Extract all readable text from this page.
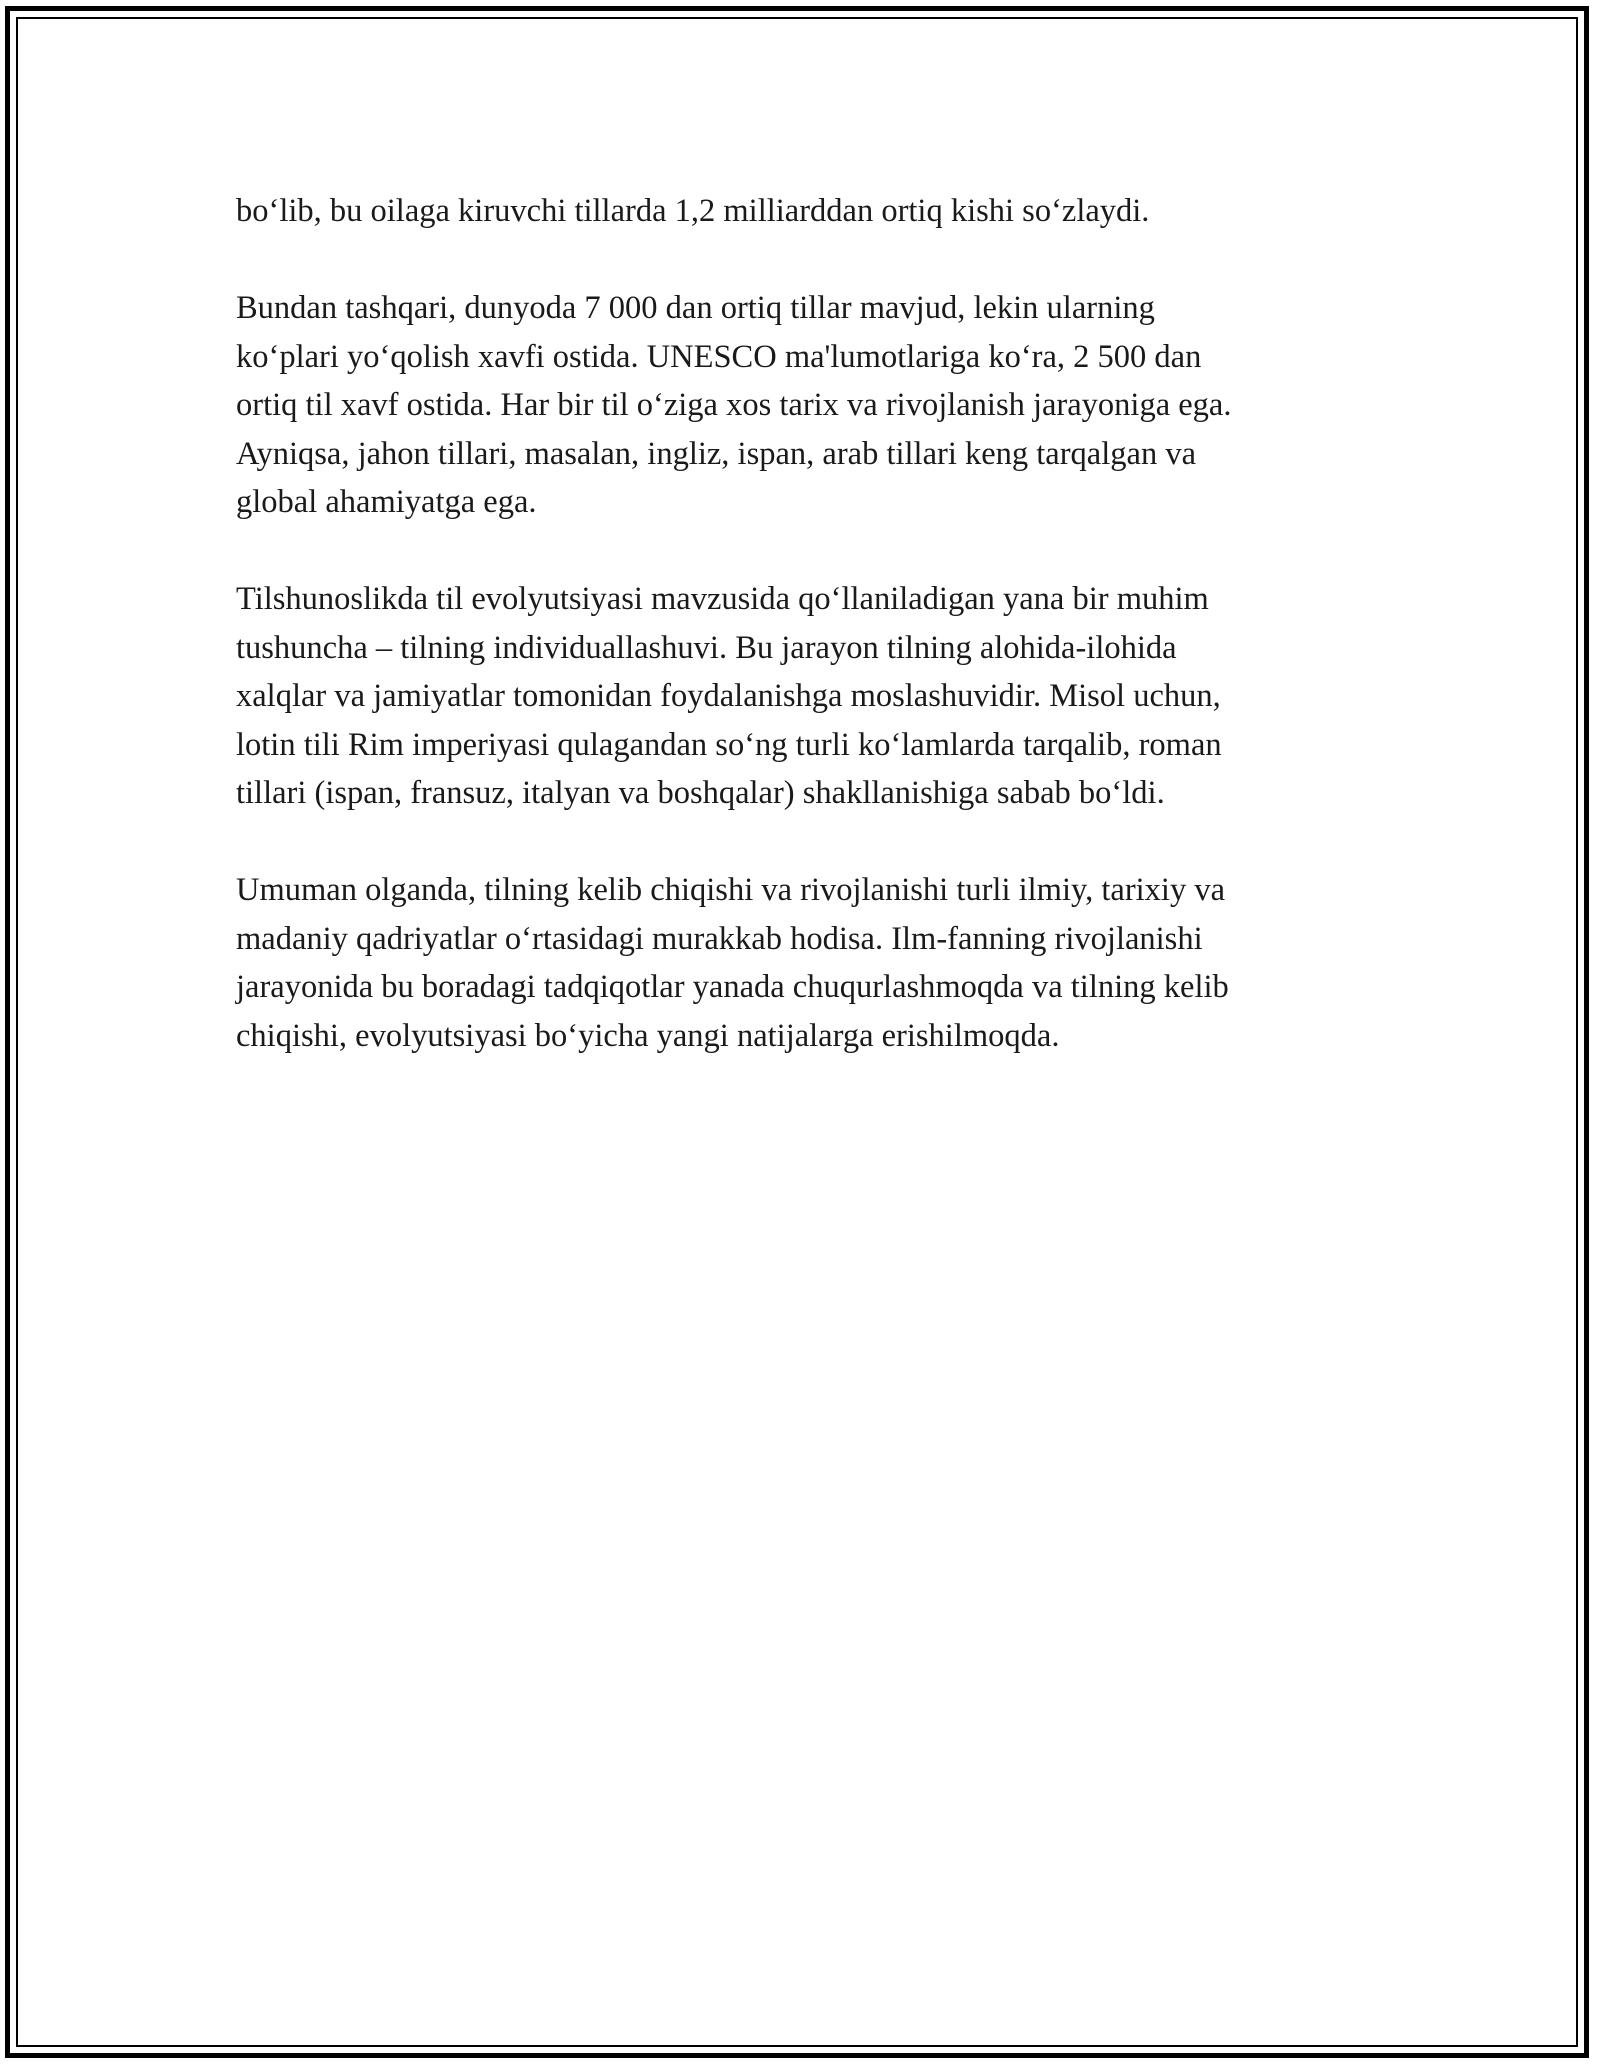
bo‘lib, bu oilaga kiruvchi tillarda 1,2 milliarddan ortiq kishi so‘zlaydi.

Bundan tashqari, dunyoda 7 000 dan ortiq tillar mavjud, lekin ularning
ko‘plari yo‘qolish xavfi ostida. UNESCO ma'lumotlariga ko‘ra, 2 500 dan
ortiq til xavf ostida. Har bir til o‘ziga xos tarix va rivojlanish jarayoniga ega.
Ayniqsa, jahon tillari, masalan, ingliz, ispan, arab tillari keng tarqalgan va
global ahamiyatga ega.

Tilshunoslikda til evolyutsiyasi mavzusida qo‘llaniladigan yana bir muhim
tushuncha – tilning individuallashuvi. Bu jarayon tilning alohida-ilohida
xalqlar va jamiyatlar tomonidan foydalanishga moslashuvidir. Misol uchun,
lotin tili Rim imperiyasi qulagandan so‘ng turli ko‘lamlarda tarqalib, roman
tillari (ispan, fransuz, italyan va boshqalar) shakllanishiga sabab bo‘ldi.

Umuman olganda, tilning kelib chiqishi va rivojlanishi turli ilmiy, tarixiy va
madaniy qadriyatlar o‘rtasidagi murakkab hodisa. Ilm-fanning rivojlanishi
jarayonida bu boradagi tadqiqotlar yanada chuqurlashmoqda va tilning kelib
chiqishi, evolyutsiyasi bo‘yicha yangi natijalarga erishilmoqda.
